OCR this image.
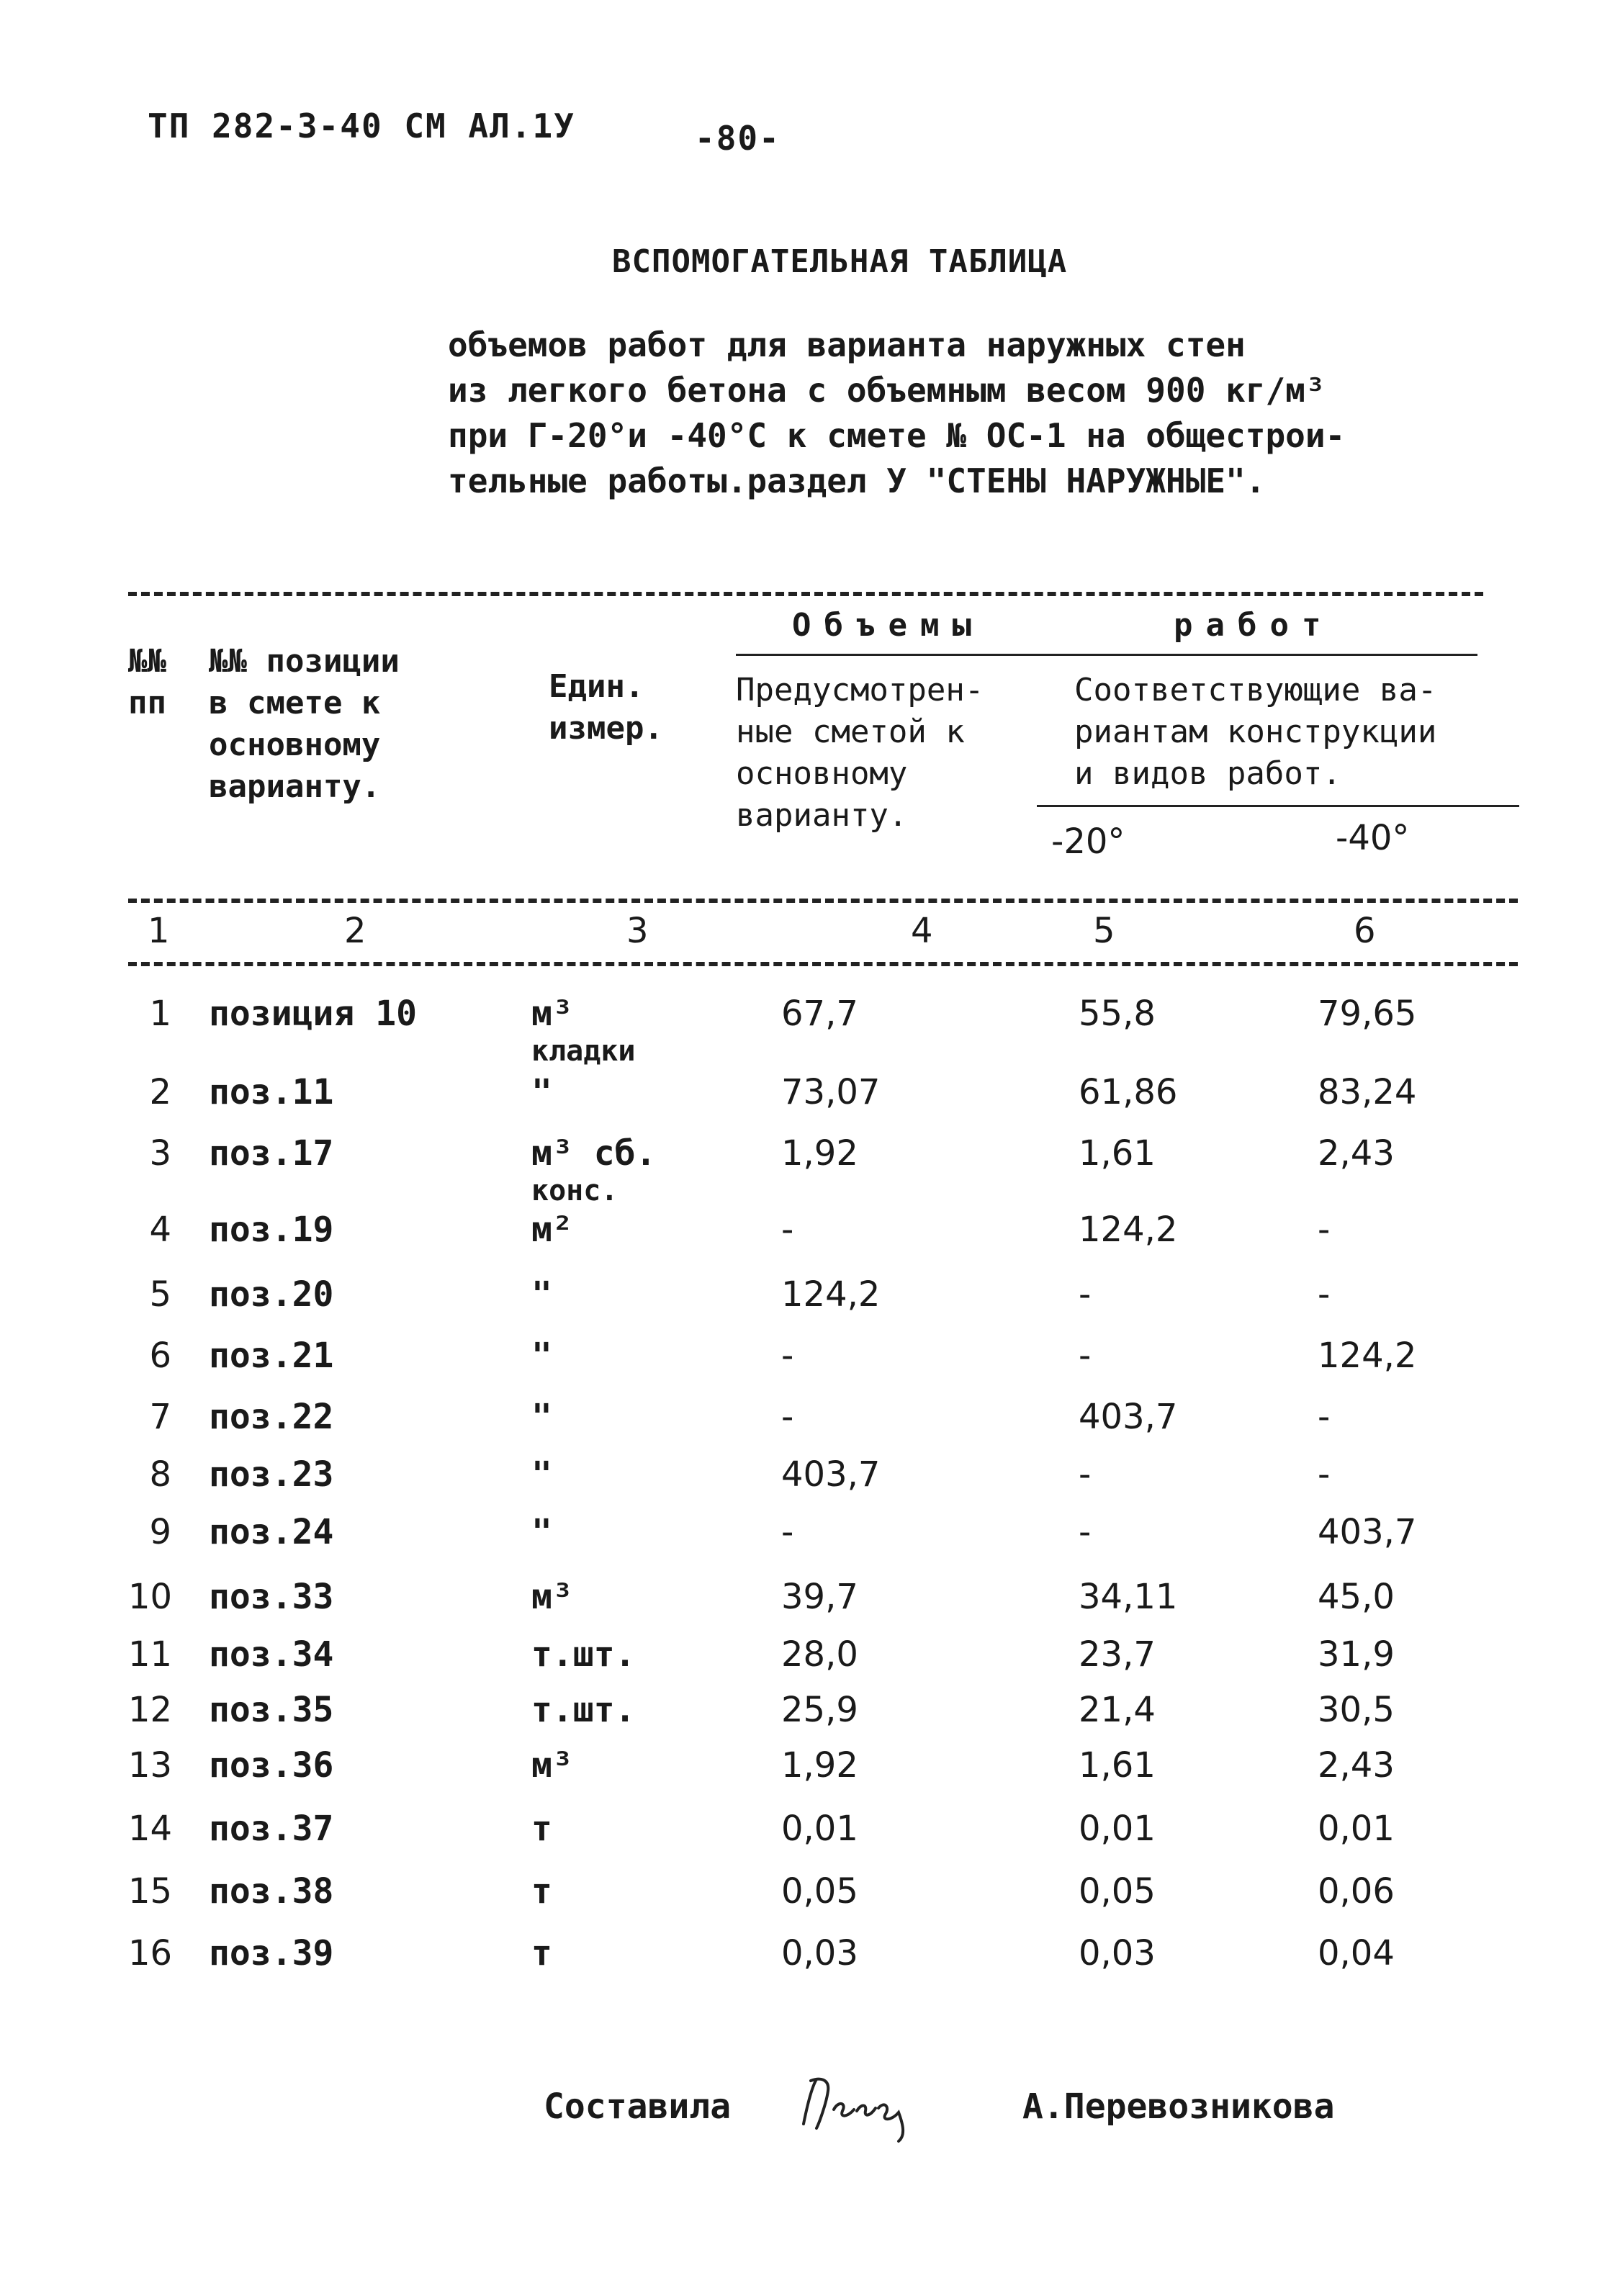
ТП 282-3-40 СМ АЛ.1У	-80-
ВСПОМОГАТЕЛЬНАЯ ТАБЛИЦА
объемов работ для варианта наружных стен
из легкого бетона с объемным весом 900 кг/м³
при Г-20°и -40°С к смете № ОС-1 на общестрои-
тельные работы.раздел У "СТЕНЫ НАРУЖНЫЕ".
№№
пп
№№ позиции
в смете к
основному
варианту.
Един.
измер.
Объемы	работ
Предусмотрен-
ные сметой к
основному
варианту.
Соответствующие ва-
риантам конструкции
и видов работ.
-20°	-40°
1	2	3	4	5	6
1 позиция 10	м³	67,7	55,8	79,65
кладки
2 поз.11	"	73,07	61,86	83,24
3 поз.17	м³ сб.	1,92	1,61	2,43
конс.
4 поз.19	м²	-	124,2	-
5 поз.20	"	124,2	-	-
6 поз.21	"	-	-	124,2
7 поз.22	"	-	403,7	-
8 поз.23	"	403,7	-	-
9 поз.24	"	-	-	403,7
10 поз.33	м³	39,7	34,11	45,0
11 поз.34	т.шт.	28,0	23,7	31,9
12 поз.35	т.шт.	25,9	21,4	30,5
13 поз.36	м³	1,92	1,61	2,43
14 поз.37	т	0,01	0,01	0,01
15 поз.38	т	0,05	0,05	0,06
16 поз.39	т	0,03	0,03	0,04
Составила	А.Перевозникова
